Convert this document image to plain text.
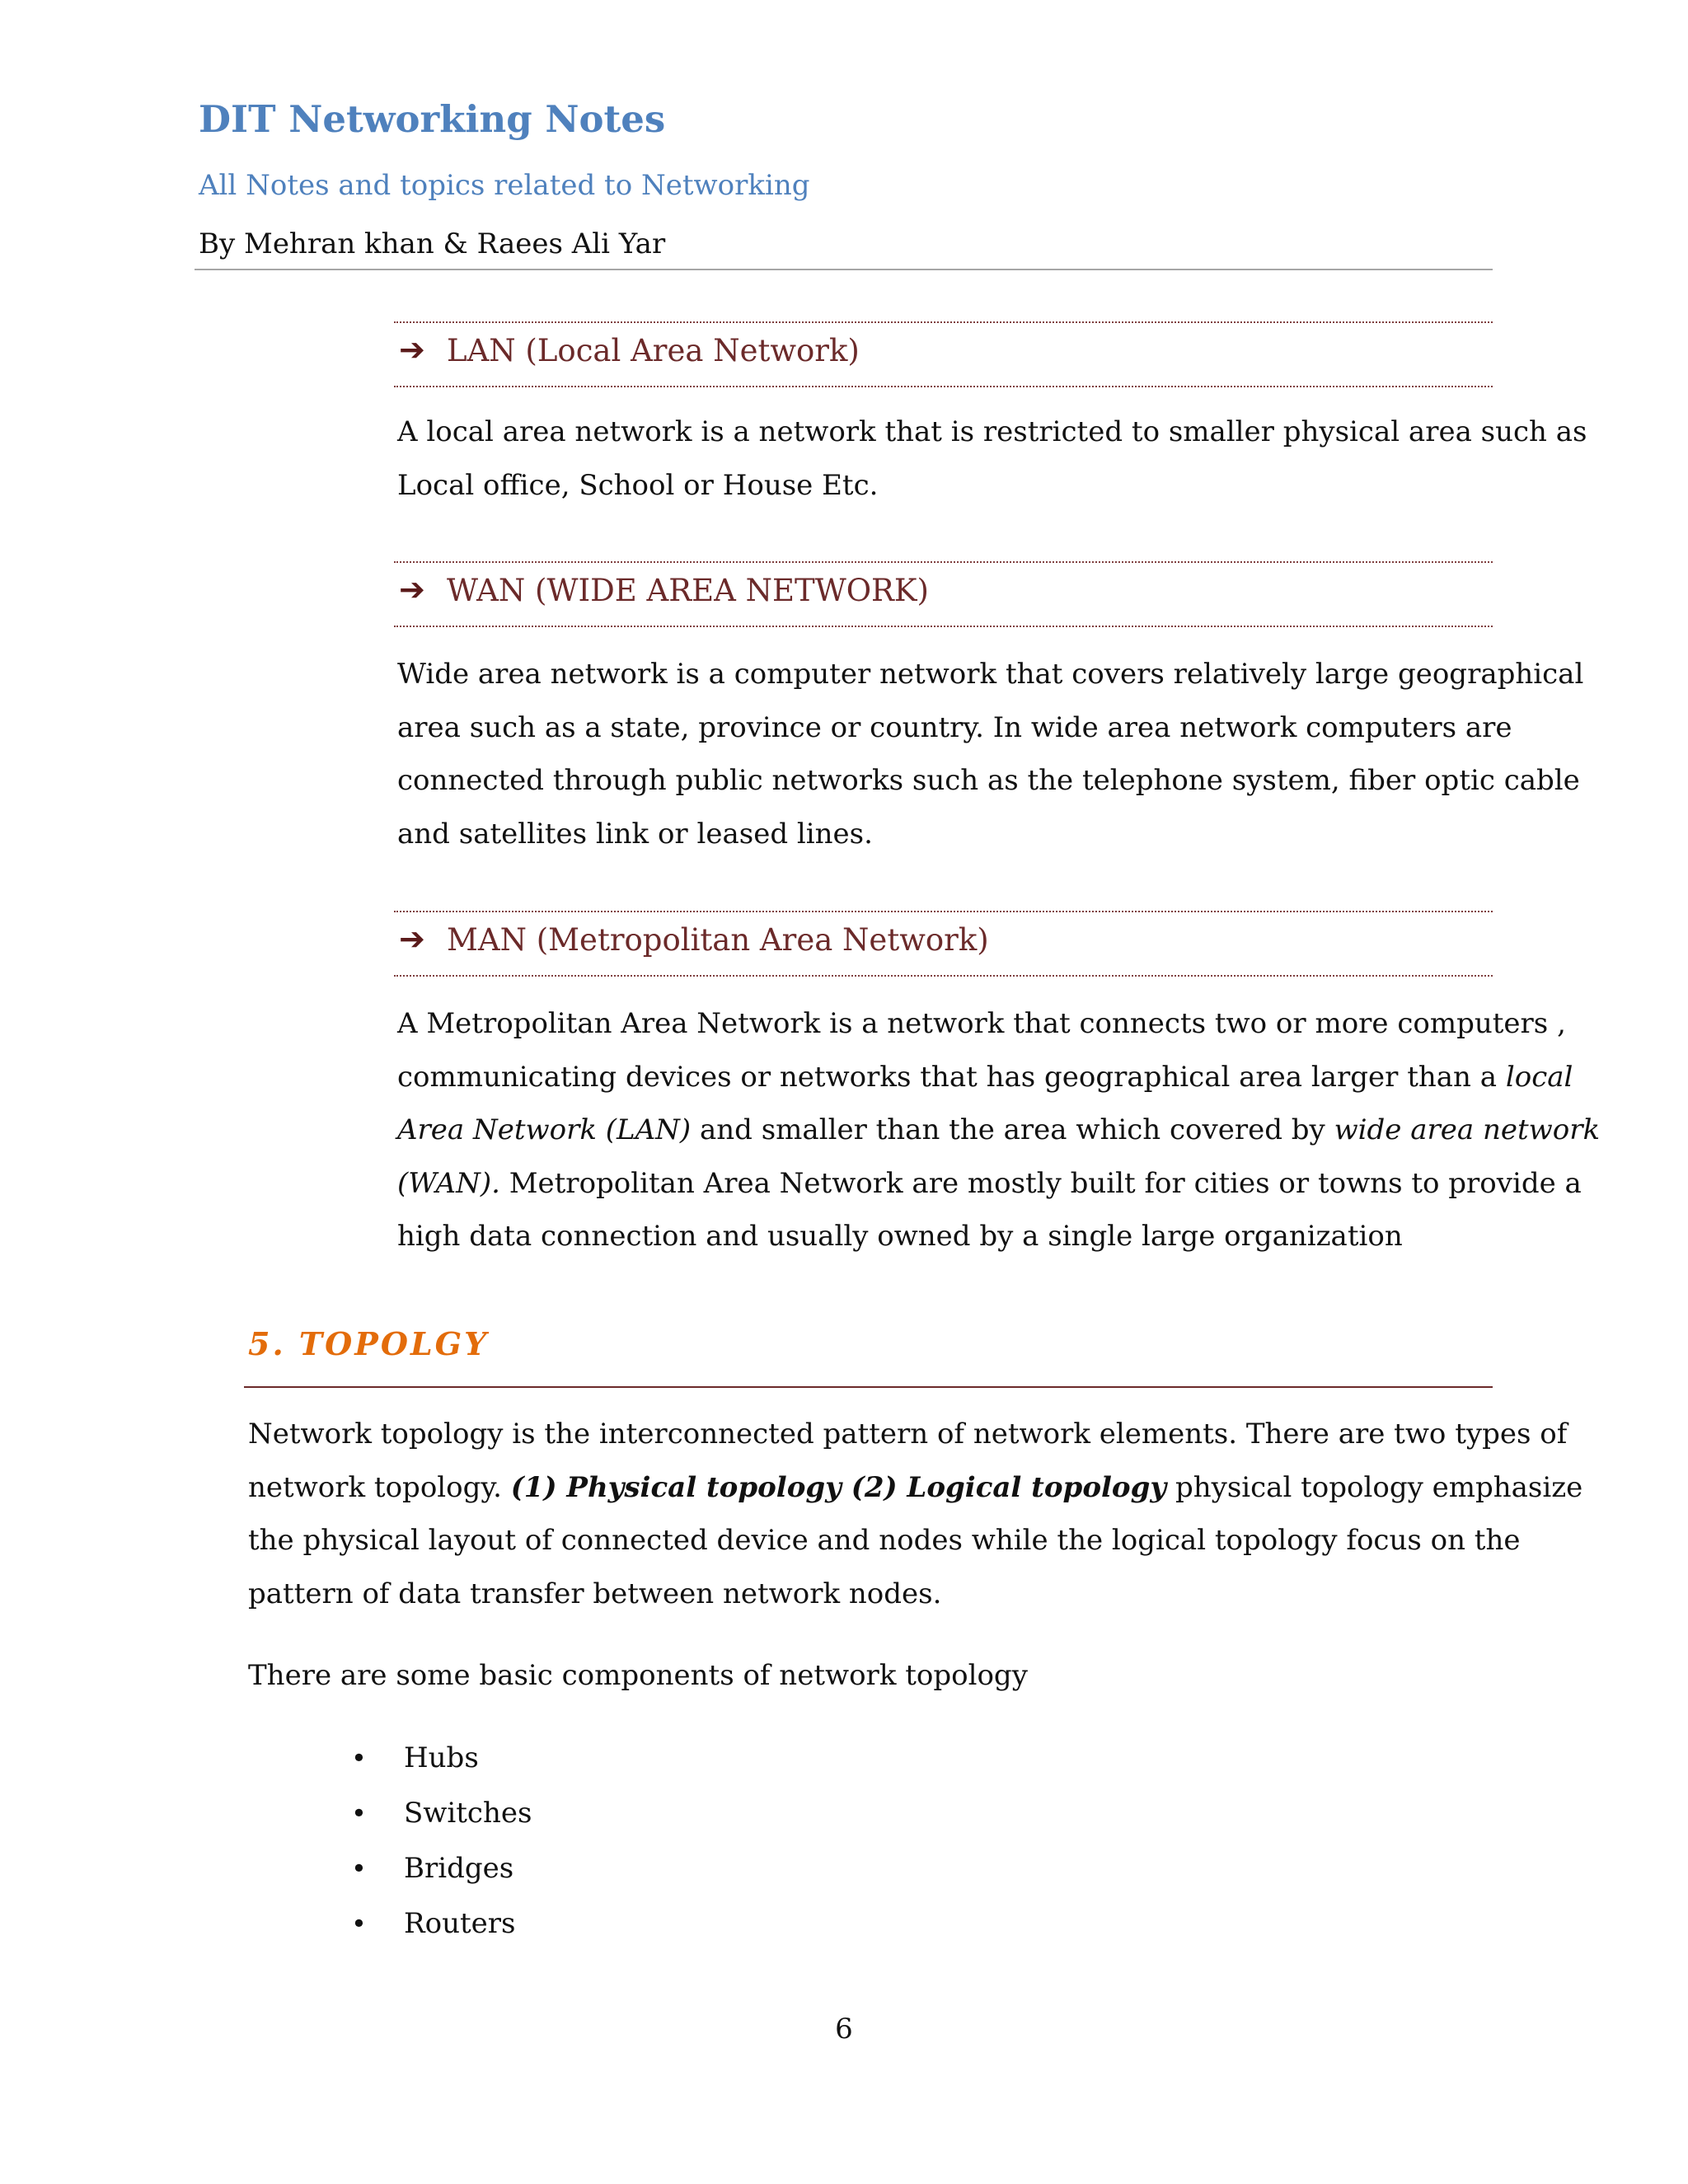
DIT Networking Notes
All Notes and topics related to Networking
By Mehran khan & Raees Ali Yar
➔ LAN (Local Area Network)
A local area network is a network that is restricted to smaller physical area such as
Local office, School or House Etc.
➔ WAN (WIDE AREA NETWORK)
Wide area network is a computer network that covers relatively large geographical
area such as a state, province or country. In wide area network computers are
connected through public networks such as the telephone system, fiber optic cable
and satellites link or leased lines.
➔ MAN (Metropolitan Area Network)
A Metropolitan Area Network is a network that connects two or more computers ,
communicating devices or networks that has geographical area larger than a local
Area Network (LAN) and smaller than the area which covered by wide area network
(WAN). Metropolitan Area Network are mostly built for cities or towns to provide a
high data connection and usually owned by a single large organization
5. TOPOLGY
Network topology is the interconnected pattern of network elements. There are two types of
network topology. (1) Physical topology (2) Logical topology physical topology emphasize
the physical layout of connected device and nodes while the logical topology focus on the
pattern of data transfer between network nodes.
There are some basic components of network topology
• Hubs
• Switches
• Bridges
• Routers
6
